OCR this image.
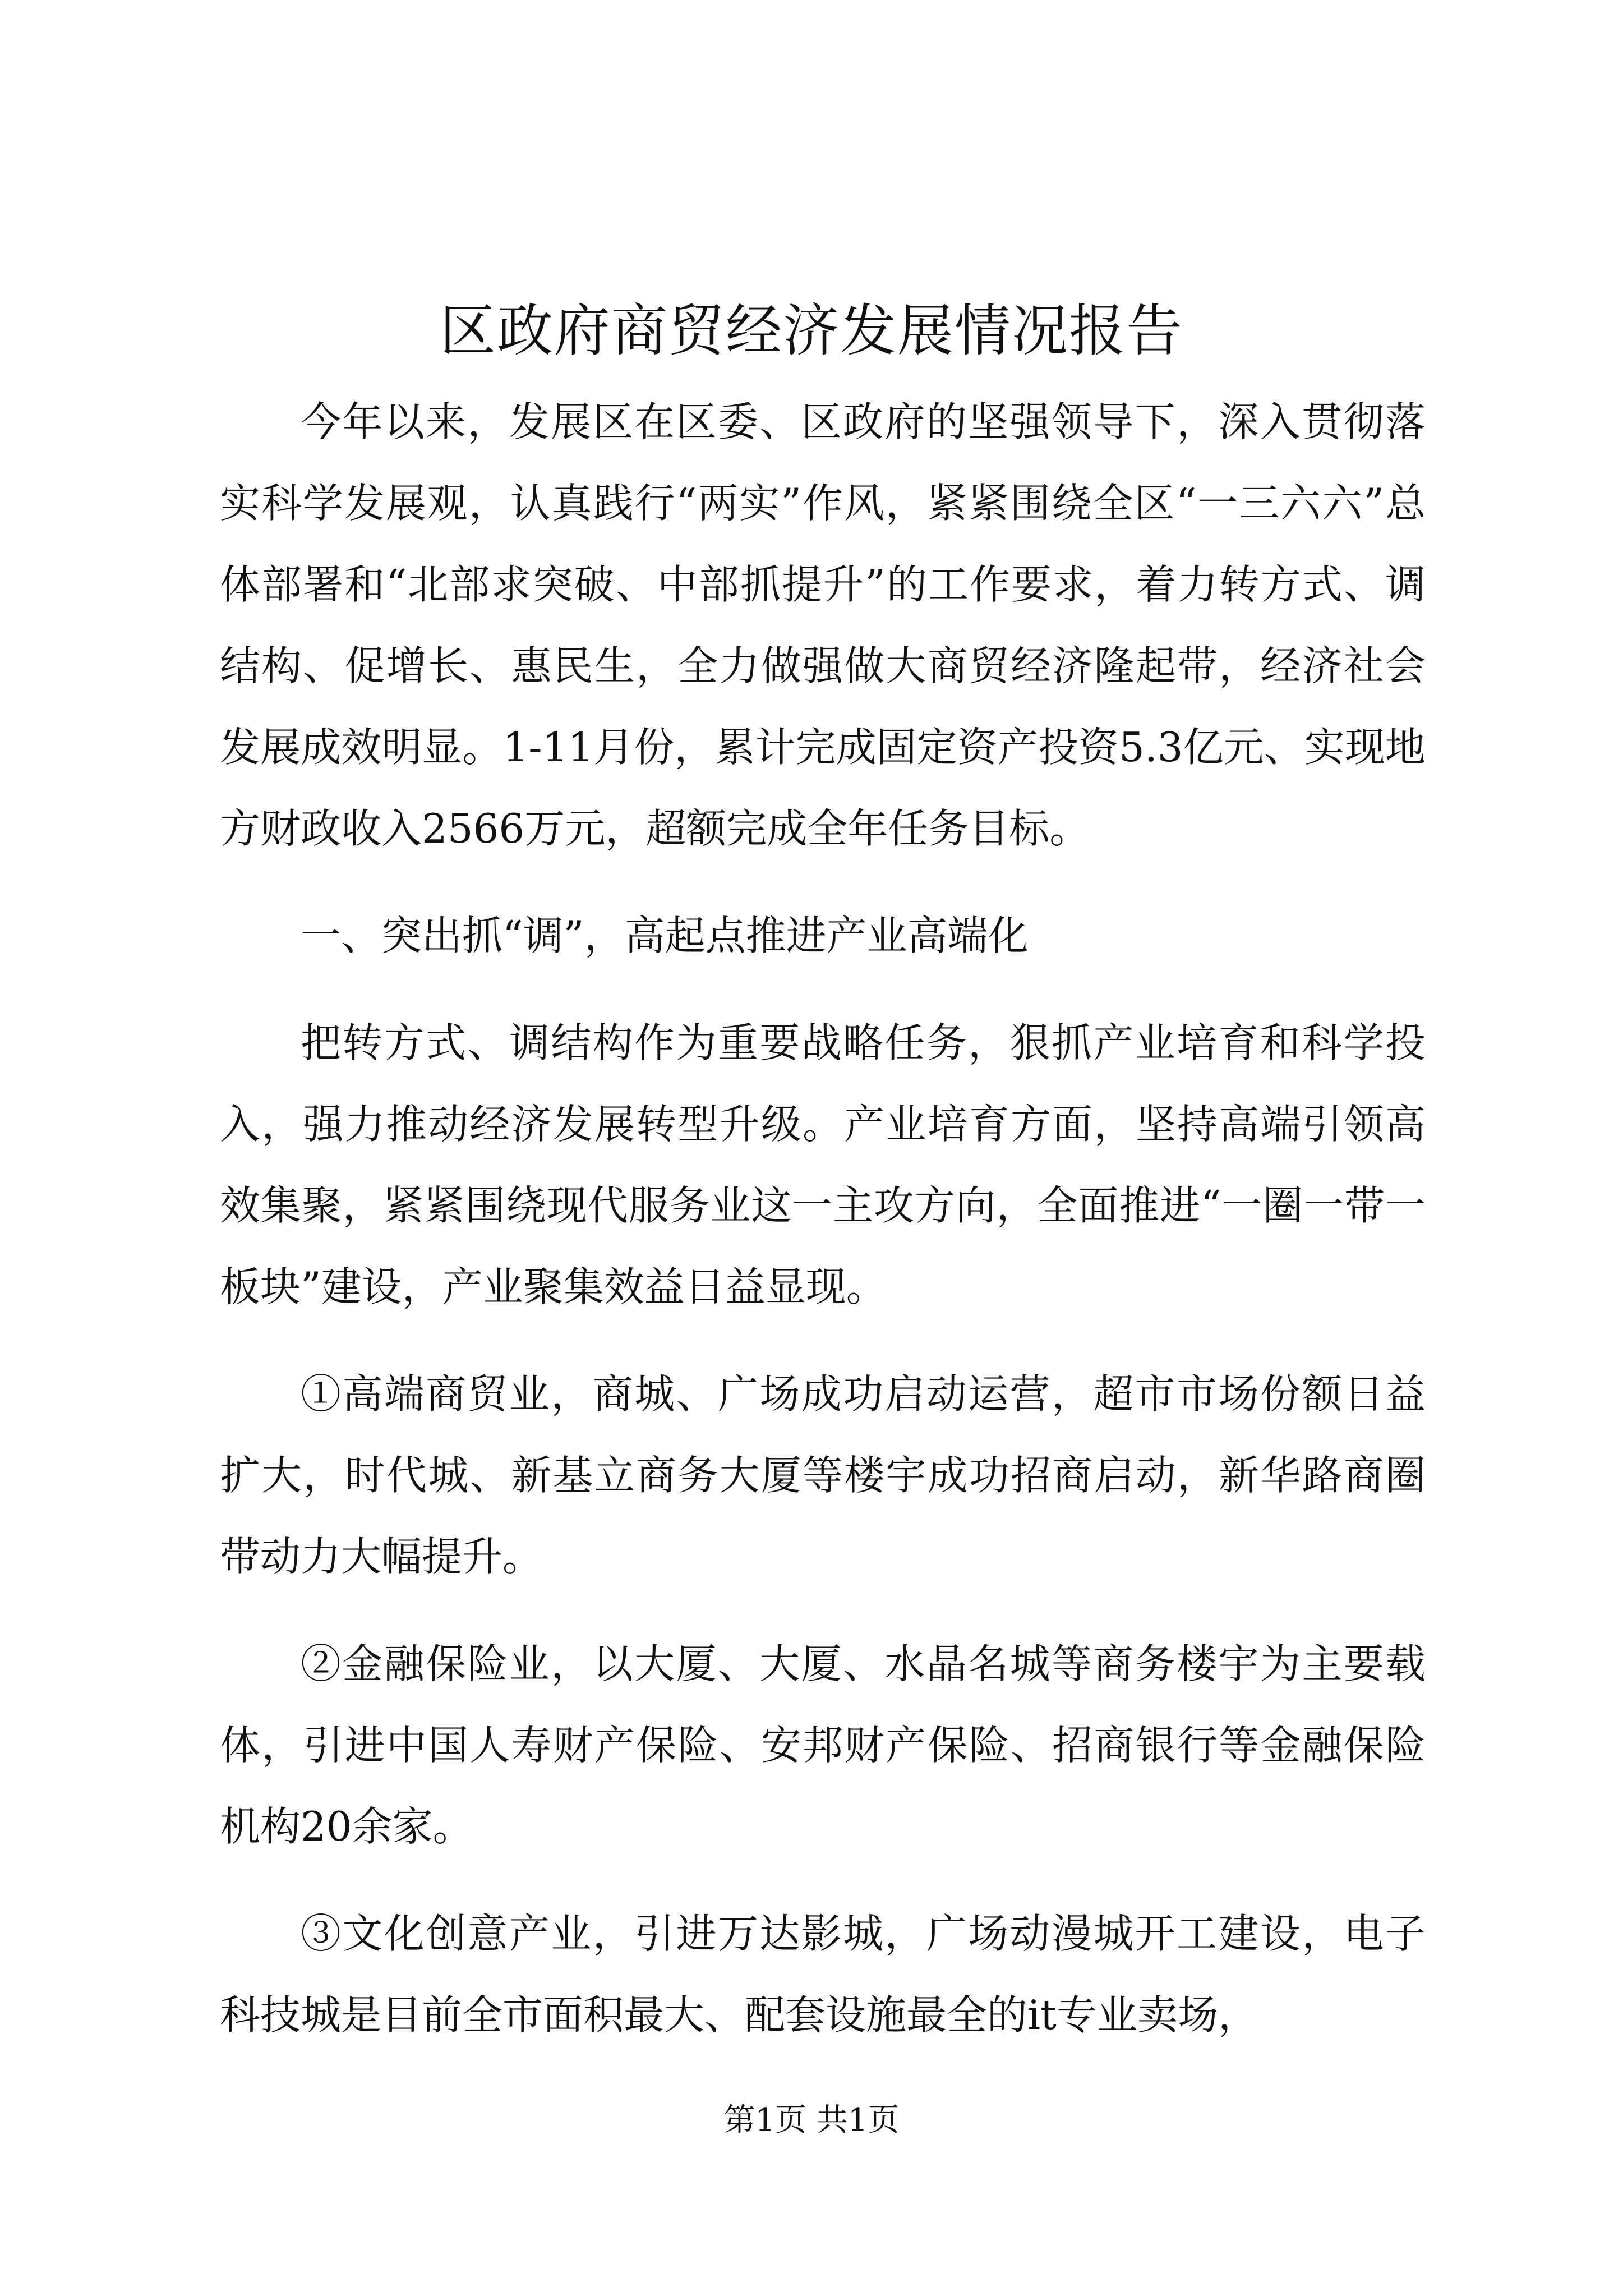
区政府商贸经济发展情况报告

今年以来，发展区在区委、区政府的坚强领导下，深入贯彻落实科学发展观，认真践行“两实”作风，紧紧围绕全区“一三六六”总体部署和“北部求突破、中部抓提升”的工作要求，着力转方式、调结构、促增长、惠民生，全力做强做大商贸经济隆起带，经济社会发展成效明显。1-11月份，累计完成固定资产投资5.3亿元、实现地方财政收入2566万元，超额完成全年任务目标。

一、突出抓“调”，高起点推进产业高端化

把转方式、调结构作为重要战略任务，狠抓产业培育和科学投入，强力推动经济发展转型升级。产业培育方面，坚持高端引领高效集聚，紧紧围绕现代服务业这一主攻方向，全面推进“一圈一带一板块”建设，产业聚集效益日益显现。

①高端商贸业，商城、广场成功启动运营，超市市场份额日益扩大，时代城、新基立商务大厦等楼宇成功招商启动，新华路商圈带动力大幅提升。

②金融保险业，以大厦、大厦、水晶名城等商务楼宇为主要载体，引进中国人寿财产保险、安邦财产保险、招商银行等金融保险机构20余家。

③文化创意产业，引进万达影城，广场动漫城开工建设，电子科技城是目前全市面积最大、配套设施最全的it专业卖场，

第1页 共1页
